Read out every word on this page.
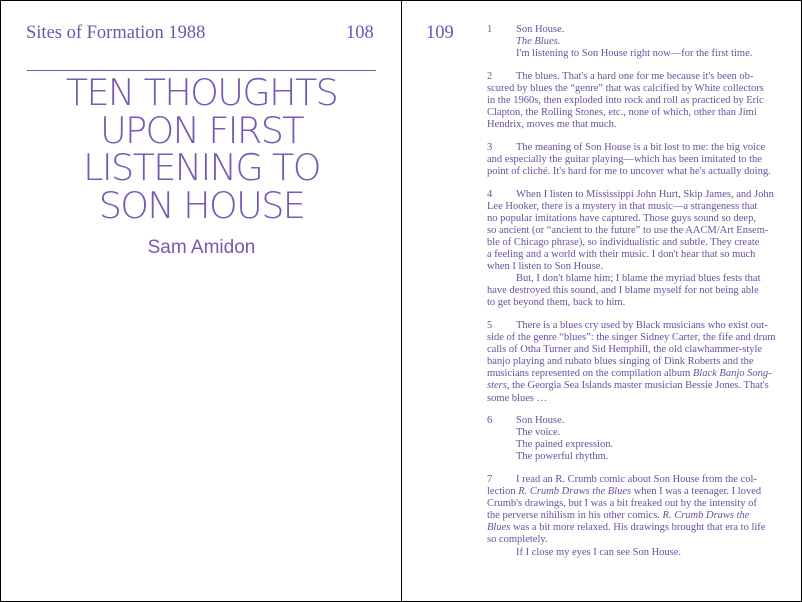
Sites of Formation 1988	108
TEN THOUGHTS
UPON FIRST
LISTENING TO
SON HOUSE
Sam Amidon
109	1 Son House.
The Blues.
I'm listening to Son House right now—for the first time.
2 The blues. That's a hard one for me because it's been ob-
scured by blues the “genre” that was calcified by White collectors
in the 1960s, then exploded into rock and roll as practiced by Eric
Clapton, the Rolling Stones, etc., none of which, other than Jimi
Hendrix, moves me that much.
3 The meaning of Son House is a bit lost to me: the big voice
and especially the guitar playing—which has been imitated to the
point of cliché. It's hard for me to uncover what he's actually doing.
4 When I listen to Mississippi John Hurt, Skip James, and John
Lee Hooker, there is a mystery in that music—a strangeness that
no popular imitations have captured. Those guys sound so deep,
so ancient (or “ancient to the future” to use the AACM/Art Ensem-
ble of Chicago phrase), so individualistic and subtle. They create
a feeling and a world with their music. I don't hear that so much
when I listen to Son House.
But, I don't blame him; I blame the myriad blues fests that
have destroyed this sound, and I blame myself for not being able
to get beyond them, back to him.
5 There is a blues cry used by Black musicians who exist out-
side of the genre “blues”: the singer Sidney Carter, the fife and drum
calls of Otha Turner and Sid Hemphill, the old clawhammer-style
banjo playing and rubato blues singing of Dink Roberts and the
musicians represented on the compilation album Black Banjo Song-
sters, the Georgia Sea Islands master musician Bessie Jones. That's
some blues …
6 Son House.
The voice.
The pained expression.
The powerful rhythm.
7 I read an R. Crumb comic about Son House from the col-
lection R. Crumb Draws the Blues when I was a teenager. I loved
Crumb's drawings, but I was a bit freaked out by the intensity of
the perverse nihilism in his other comics. R. Crumb Draws the
Blues was a bit more relaxed. His drawings brought that era to life
so completely.
If I close my eyes I can see Son House.
